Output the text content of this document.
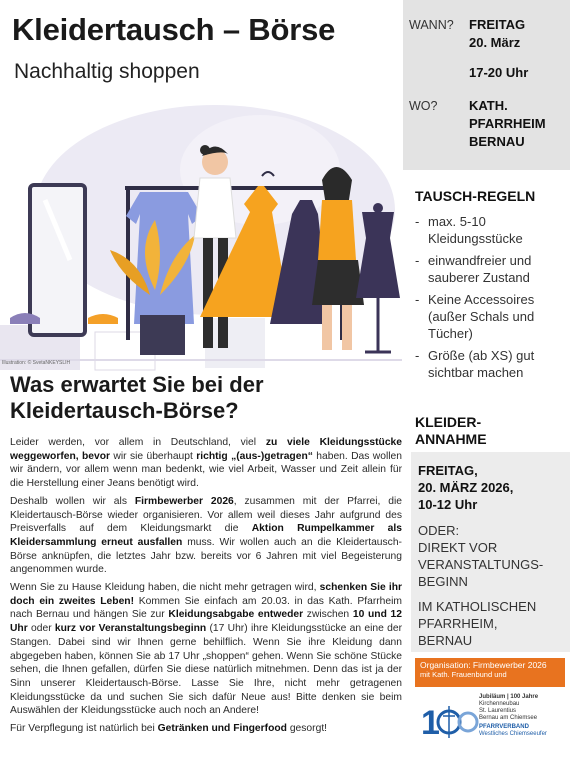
Kleidertausch – Börse
Nachhaltig shoppen
Illustration: © SvetaNKEYSLIH
Was erwartet Sie bei der
Kleidertausch-Börse?

Leider werden, vor allem in Deutschland, viel zu viele Kleidungsstücke weggeworfen, bevor wir sie überhaupt richtig „(aus-)getragen“ haben. Das wollen wir ändern, vor allem wenn man bedenkt, wie viel Arbeit, Wasser und Zeit allein für die Herstellung einer Jeans benötigt wird.

Deshalb wollen wir als Firmbewerber 2026, zusammen mit der Pfarrei, die Kleidertausch-Börse wieder organisieren. Vor allem weil dieses Jahr aufgrund des Preisverfalls auf dem Kleidungsmarkt die Aktion Rumpelkammer als Kleidersammlung erneut ausfallen muss. Wir wollen auch an die Kleidertausch-Börse anknüpfen, die letztes Jahr bzw. bereits vor 6 Jahren mit viel Begeisterung angenommen wurde.

Wenn Sie zu Hause Kleidung haben, die nicht mehr getragen wird, schenken Sie ihr doch ein zweites Leben! Kommen Sie einfach am 20.03. in das Kath. Pfarrheim nach Bernau und hängen Sie zur Kleidungsabgabe entweder zwischen 10 und 12 Uhr oder kurz vor Veranstaltungsbeginn (17 Uhr) ihre Kleidungsstücke an eine der Stangen. Dabei sind wir Ihnen gerne behilflich. Wenn Sie ihre Kleidung dann abgegeben haben, können Sie ab 17 Uhr „shoppen“ gehen. Wenn Sie schöne Stücke sehen, die Ihnen gefallen, dürfen Sie diese natürlich mitnehmen. Denn das ist ja der Sinn unserer Kleidertausch-Börse. Lasse Sie Ihre, nicht mehr getragenen Kleidungsstücke da und suchen Sie sich dafür Neue aus! Bitte denken sie beim Auswählen der Kleidungsstücke auch noch an Andere!

Für Verpflegung ist natürlich bei Getränken und Fingerfood gesorgt!

WANN? FREITAG
20. März
17-20 Uhr
WO? KATH.
PFARRHEIM
BERNAU
TAUSCH-REGELN
- max. 5-10 Kleidungsstücke
- einwandfreier und sauberer Zustand
- Keine Accessoires (außer Schals und Tücher)
- Größe (ab XS) gut sichtbar machen
KLEIDER-
ANNAHME
FREITAG,
20. MÄRZ 2026,
10-12 Uhr
ODER:
DIREKT VOR
VERANSTALTUNGS-
BEGINN
IM KATHOLISCHEN
PFARRHEIM,
BERNAU
Organisation: Firmbewerber 2026
mit Kath. Frauenbund und
1
Jubiläum | 100 Jahre
Kirchenneubau
St. Laurentius
Bernau am Chiemsee
PFARRVERBAND
Westliches Chiemseeufer
